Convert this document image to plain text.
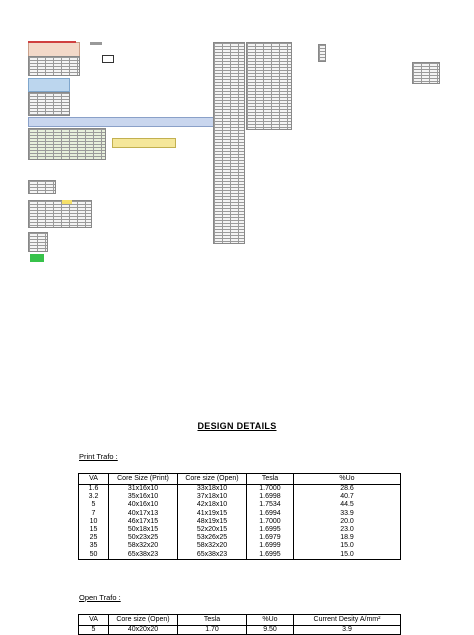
DESIGN DETAILS
Print Trafo :
VA	Core Size (Print)	Core size (Open)	Tesla	%Uo
1.6	31x16x10	33x18x10	1.7000	28.6
3.2	35x16x10	37x18x10	1.6998	40.7
5	40x16x10	42x18x10	1.7534	44.5
7	40x17x13	41x19x15	1.6994	33.9
10	46x17x15	48x19x15	1.7000	20.0
15	50x18x15	52x20x15	1.6995	23.0
25	50x23x25	53x26x25	1.6979	18.9
35	58x32x20	58x32x20	1.6999	15.0
50	65x38x23	65x38x23	1.6995	15.0
Open Trafo :
VA	Core size (Open)	Tesla	%Uo	Current Desity A/mm²
5	40x20x20	1.70	9.50	3.9
